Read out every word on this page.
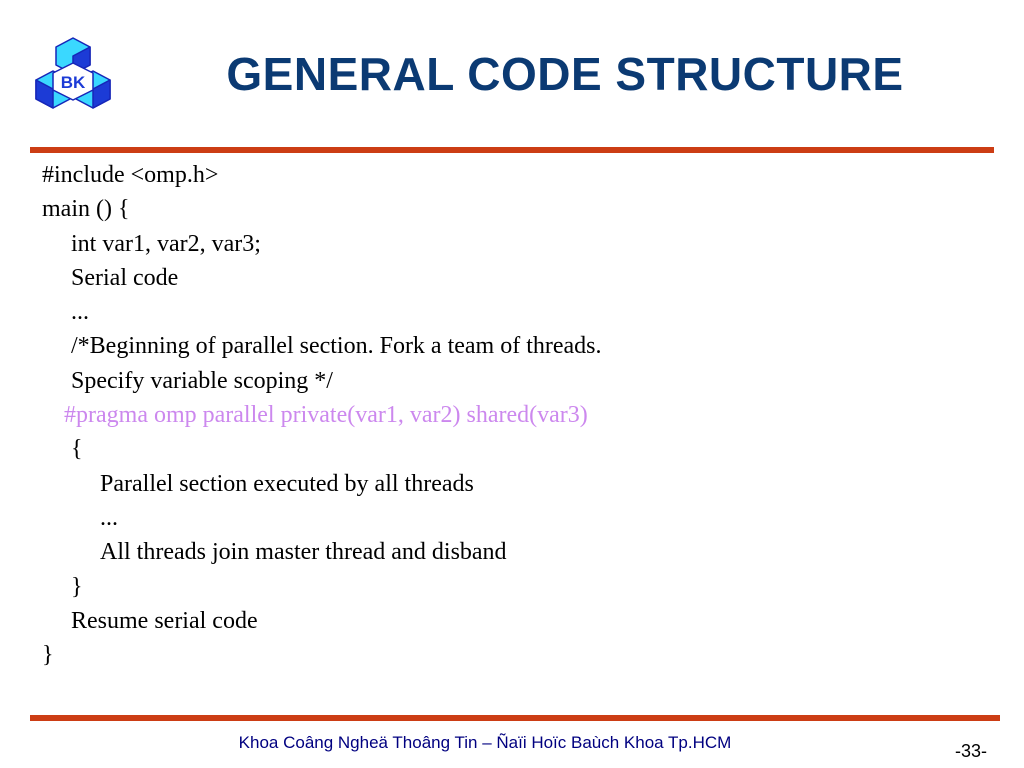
BK	GENERAL CODE STRUCTURE
#include <omp.h>
main () {
int var1, var2, var3;
Serial code
...
/*Beginning of parallel section. Fork a team of threads.
Specify variable scoping */
#pragma omp parallel private(var1, var2) shared(var3)
{
Parallel section executed by all threads
...
All threads join master thread and disband
}
Resume serial code
}
Khoa Coâng Ngheä Thoâng Tin – Ñaïi Hoïc Baùch Khoa Tp.HCM	-33-
